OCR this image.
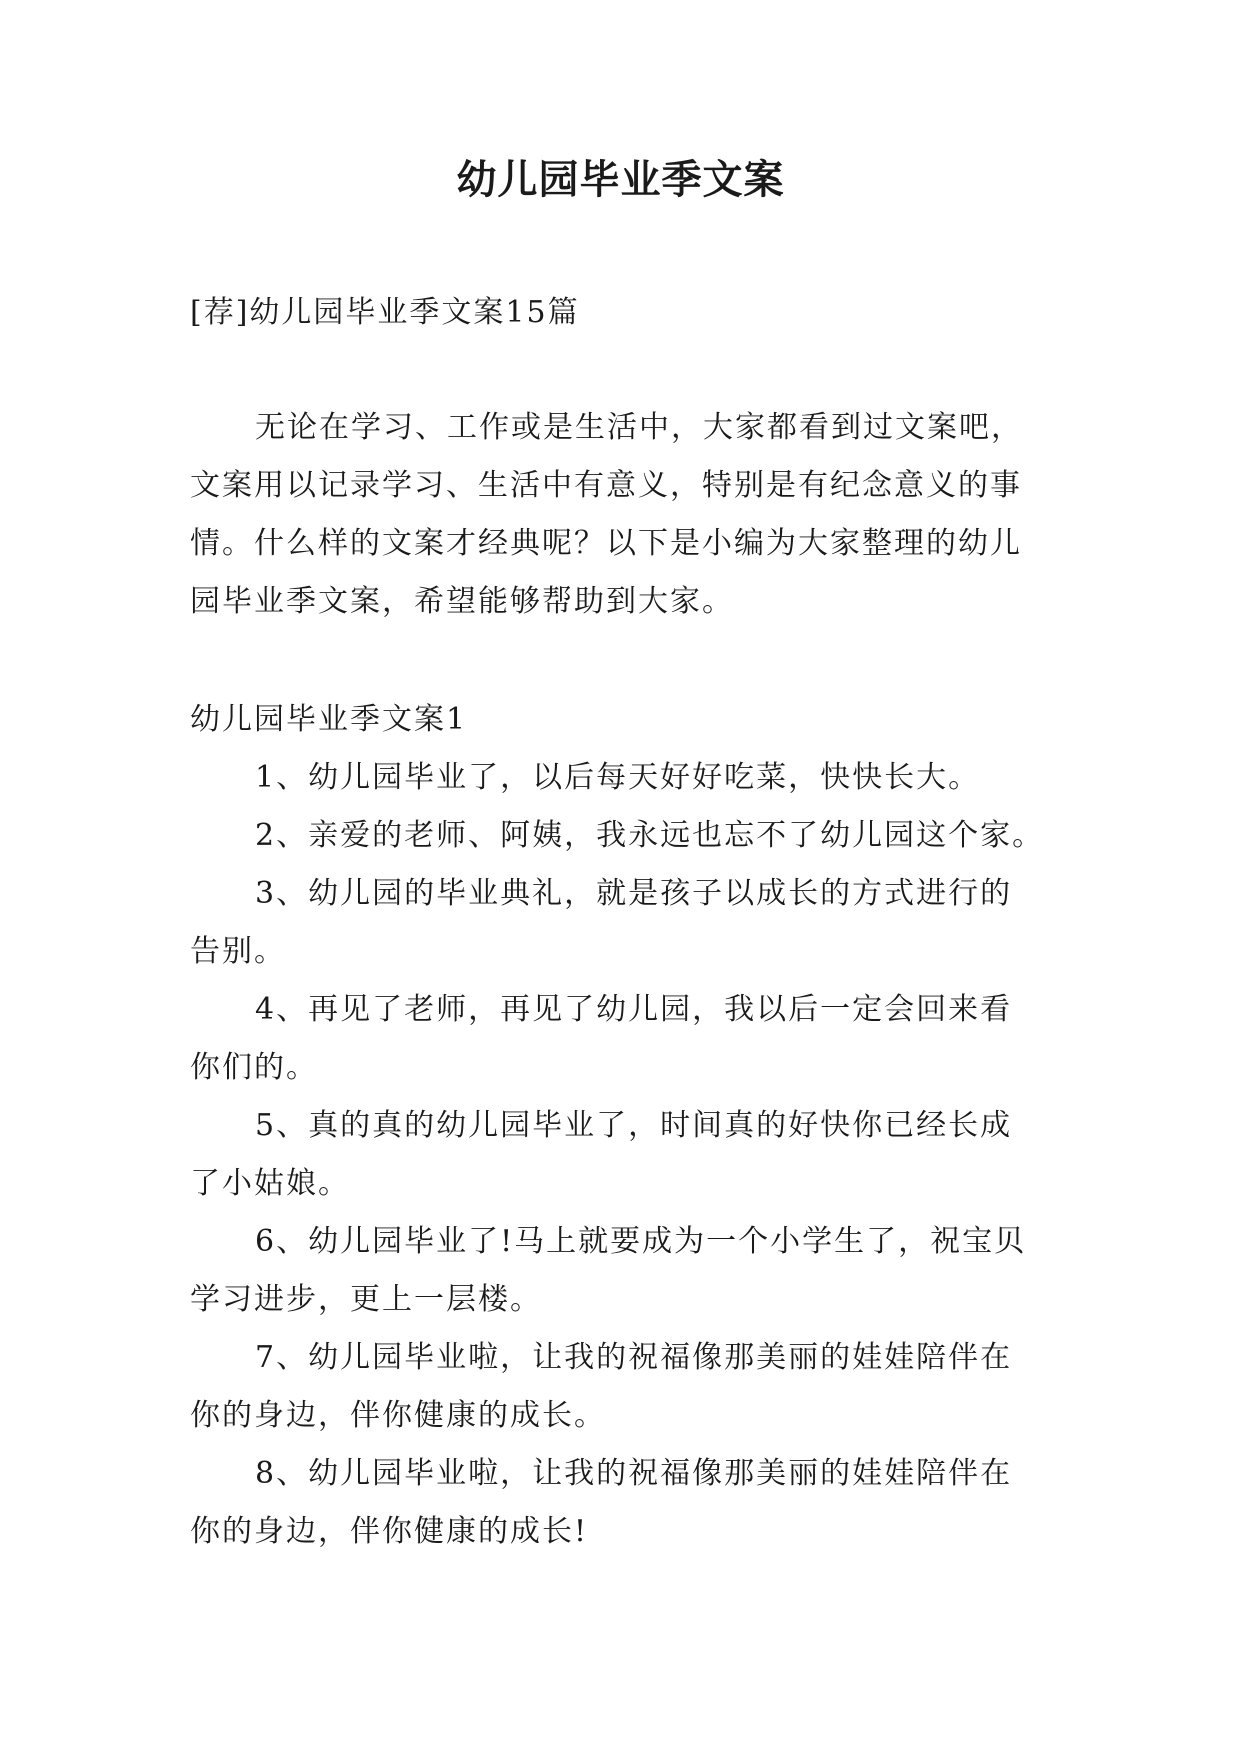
幼儿园毕业季文案
[荐]幼儿园毕业季文案15篇
无论在学习、工作或是生活中，大家都看到过文案吧，
文案用以记录学习、生活中有意义，特别是有纪念意义的事
情。什么样的文案才经典呢？以下是小编为大家整理的幼儿
园毕业季文案，希望能够帮助到大家。
幼儿园毕业季文案1
1、幼儿园毕业了，以后每天好好吃菜，快快长大。
2、亲爱的老师、阿姨，我永远也忘不了幼儿园这个家。
3、幼儿园的毕业典礼，就是孩子以成长的方式进行的
告别。
4、再见了老师，再见了幼儿园，我以后一定会回来看
你们的。
5、真的真的幼儿园毕业了，时间真的好快你已经长成
了小姑娘。
6、幼儿园毕业了!马上就要成为一个小学生了，祝宝贝
学习进步，更上一层楼。
7、幼儿园毕业啦，让我的祝福像那美丽的娃娃陪伴在
你的身边，伴你健康的成长。
8、幼儿园毕业啦，让我的祝福像那美丽的娃娃陪伴在
你的身边，伴你健康的成长!
